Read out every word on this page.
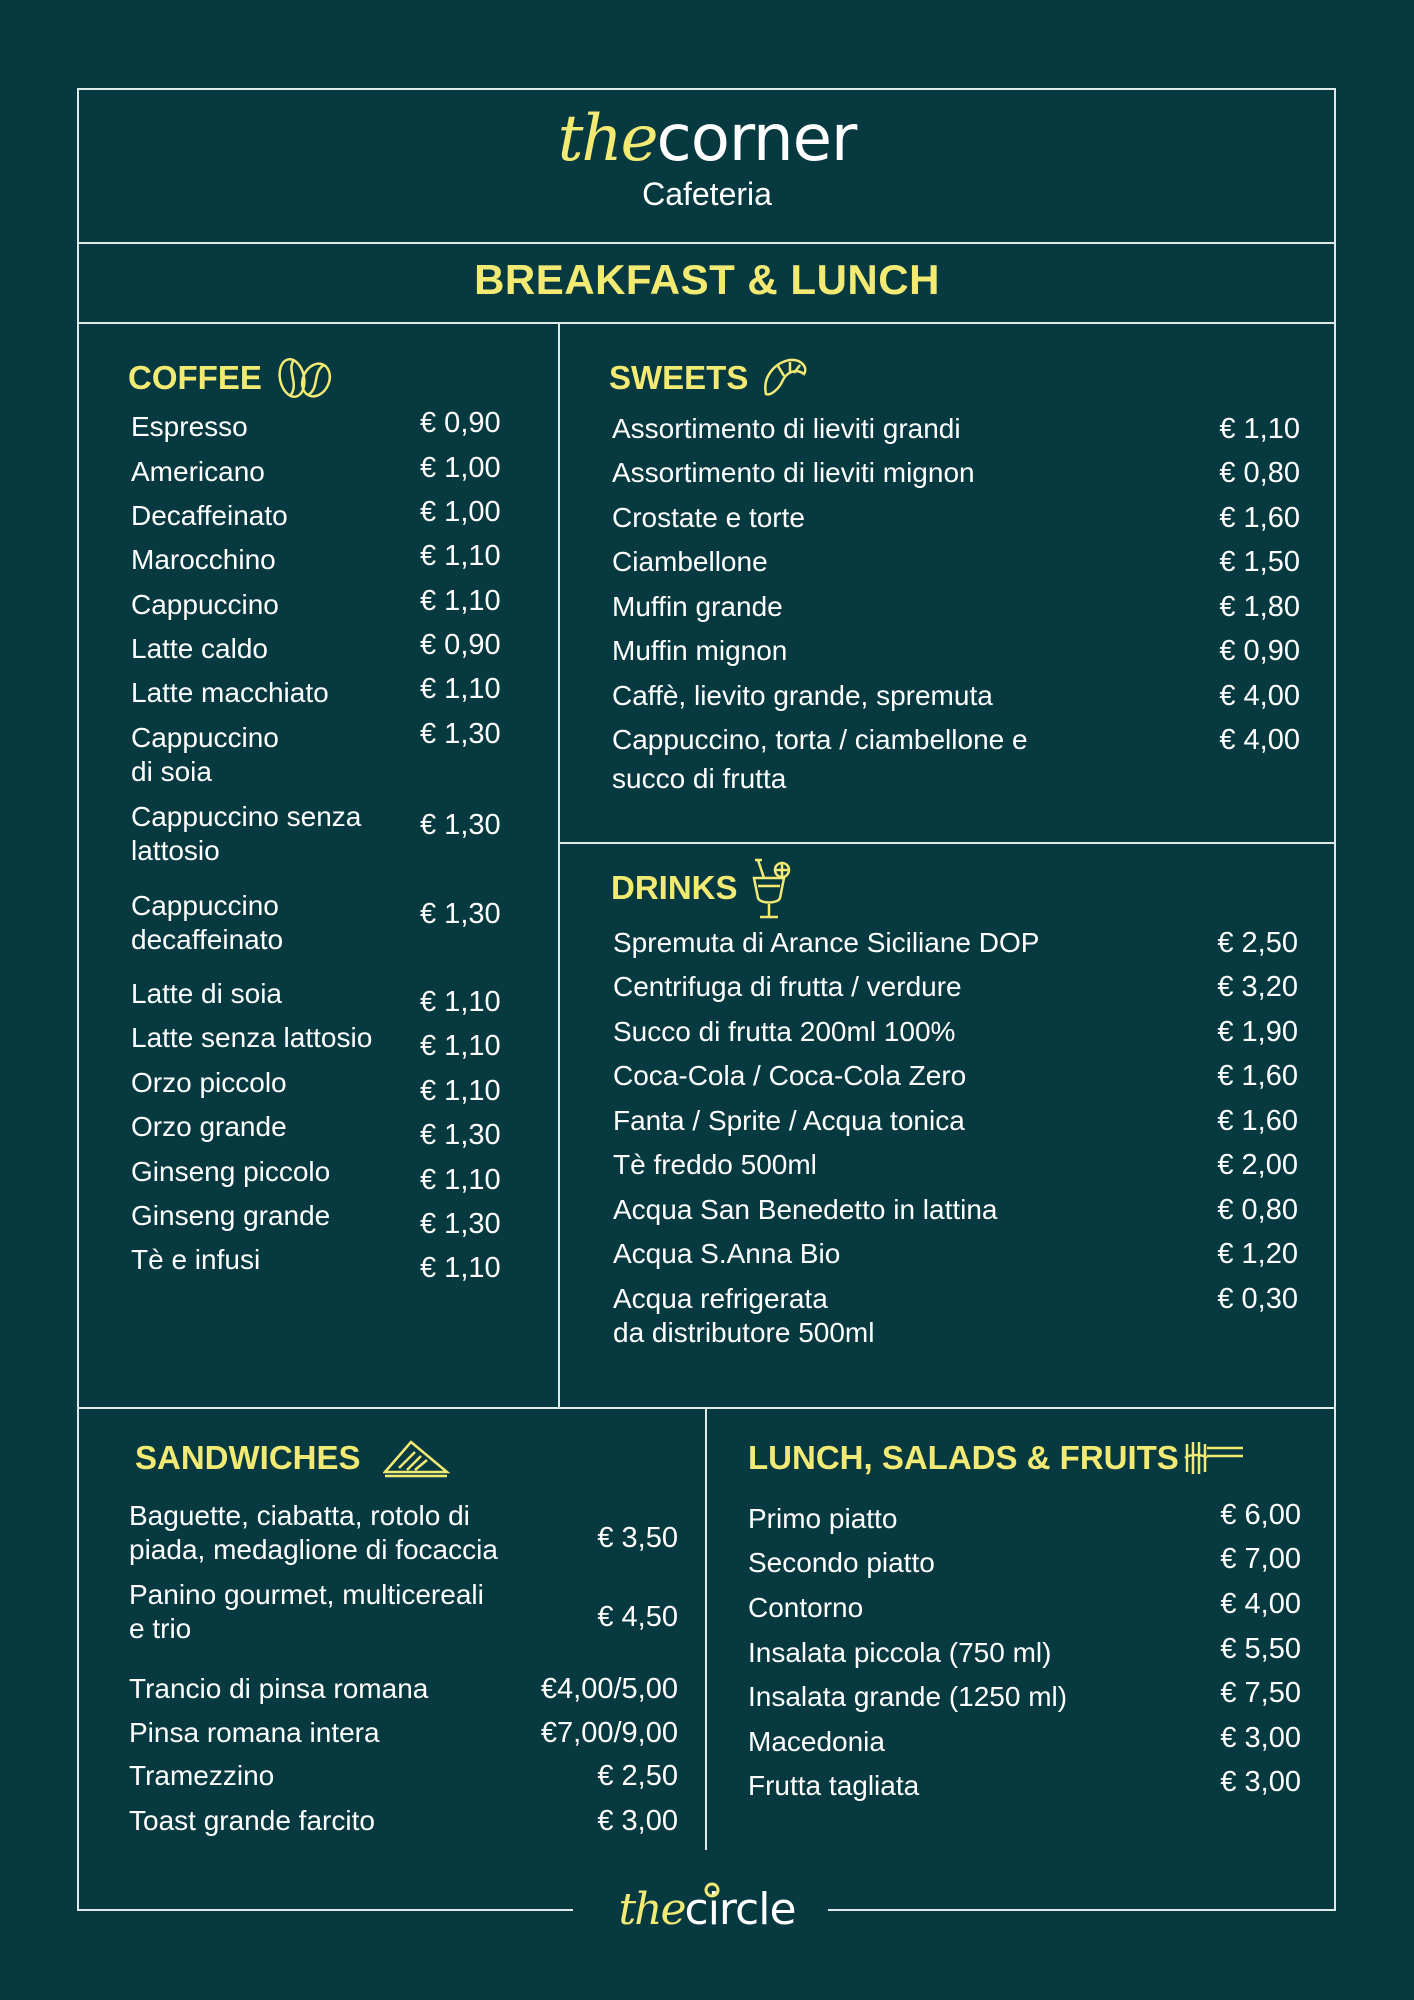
thecorner
Cafeteria
BREAKFAST & LUNCH
COFFEE	SWEETS
DRINKS
SANDWICHES	LUNCH, SALADS & FRUITS
Espresso	€ 0,90
Americano	€ 1,00
Decaffeinato	€ 1,00
Marocchino	€ 1,10
Cappuccino	€ 1,10
Latte caldo	€ 0,90
Latte macchiato	€ 1,10
Cappuccino
di soia
€ 1,30
Cappuccino senza
lattosio
€ 1,30
Cappuccino
decaffeinato
€ 1,30
Latte di soia	€ 1,10
Latte senza lattosio € 1,10
Orzo piccolo	€ 1,10
Orzo grande	€ 1,30
Ginseng piccolo	€ 1,10
Ginseng grande	€ 1,30
Tè e infusi	€ 1,10
Assortimento di lieviti grandi	€ 1,10
Assortimento di lieviti mignon	€ 0,80
Crostate e torte	€ 1,60
Ciambellone	€ 1,50
Muffin grande	€ 1,80
Muffin mignon	€ 0,90
Caffè, lievito grande, spremuta	€ 4,00
Cappuccino, torta / ciambellone e
succo di frutta
€ 4,00
Spremuta di Arance Siciliane DOP	€ 2,50
Centrifuga di frutta / verdure	€ 3,20
Succo di frutta 200ml 100%	€ 1,90
Coca-Cola / Coca-Cola Zero	€ 1,60
Fanta / Sprite / Acqua tonica	€ 1,60
Tè freddo 500ml	€ 2,00
Acqua San Benedetto in lattina	€ 0,80
Acqua S.Anna Bio	€ 1,20
Acqua refrigerata
da distributore 500ml
€ 0,30
Baguette, ciabatta, rotolo di
piada, medaglione di focaccia	€ 3,50
Panino gourmet, multicereali
e trio	€ 4,50
Trancio di pinsa romana	€4,00/5,00
Pinsa romana intera	€7,00/9,00
Tramezzino	€ 2,50
Toast grande farcito	€ 3,00
Primo piatto	€ 6,00
Secondo piatto	€ 7,00
Contorno	€ 4,00
Insalata piccola (750 ml)	€ 5,50
Insalata grande (1250 ml)	€ 7,50
Macedonia	€ 3,00
Frutta tagliata	€ 3,00
thecircle
